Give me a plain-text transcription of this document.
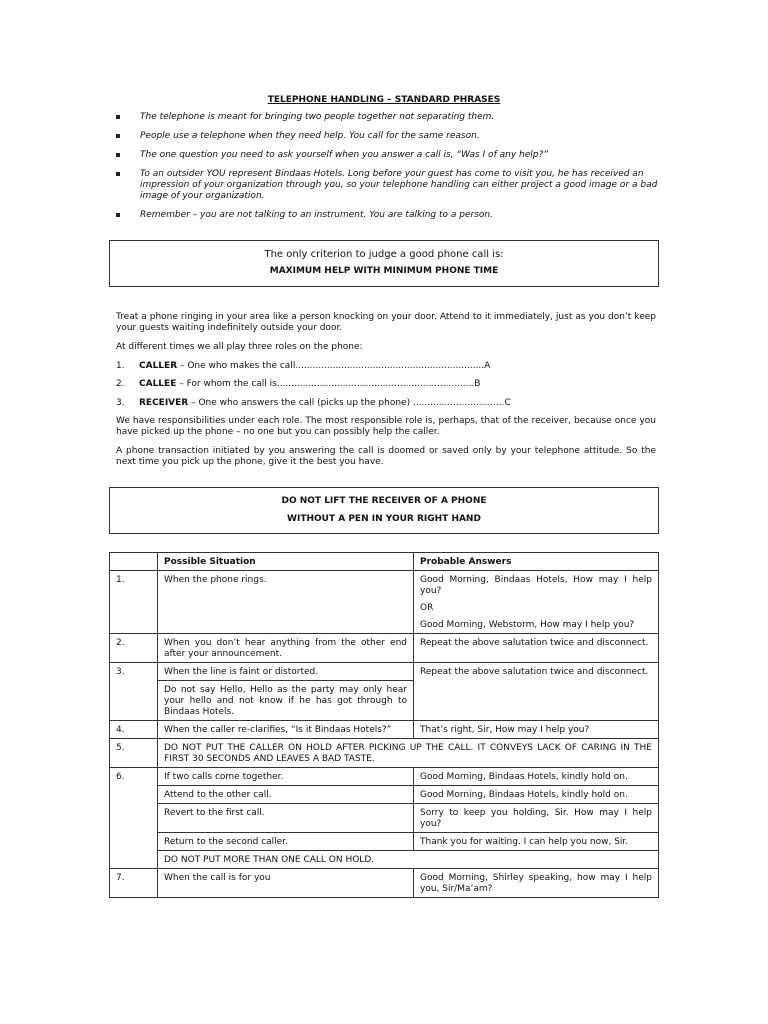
TELEPHONE HANDLING – STANDARD PHRASES
The telephone is meant for bringing two people together not separating them.
People use a telephone when they need help. You call for the same reason.
The one question you need to ask yourself when you answer a call is, “Was I of any help?”
To an outsider YOU represent Bindaas Hotels. Long before your guest has come to visit you, he has received an impression of your organization through you, so your telephone handling can either project a good image or a bad image of your organization.
Remember – you are not talking to an instrument. You are talking to a person.
The only criterion to judge a good phone call is:
MAXIMUM HELP WITH MINIMUM PHONE TIME

Treat a phone ringing in your area like a person knocking on your door. Attend to it immediately, just as you don’t keep your guests waiting indefinitely outside your door.

At different times we all play three roles on the phone:

1. CALLER – One who makes the call..................................................................A
2. CALLEE – For whom the call is.....................................................................B
3. RECEIVER – One who answers the call (picks up the phone) ................................C

We have responsibilities under each role. The most responsible role is, perhaps, that of the receiver, because once you have picked up the phone – no one but you can possibly help the caller.

A phone transaction initiated by you answering the call is doomed or saved only by your telephone attitude. So the next time you pick up the phone, give it the best you have.

DO NOT LIFT THE RECEIVER OF A PHONE
WITHOUT A PEN IN YOUR RIGHT HAND
	Possible Situation	Probable Answers
1.	When the phone rings.	Good Morning, Bindaas Hotels, How may I help you?
OR
Good Morning, Webstorm, How may I help you?

2.	When you don’t hear anything from the other end after your announcement.	Repeat the above salutation twice and disconnect.
3.	When the line is faint or distorted.	Repeat the above salutation twice and disconnect.
	Do not say Hello, Hello as the party may only hear your hello and not know if he has got through to Bindaas Hotels.	
4.	When the caller re-clarifies, “Is it Bindaas Hotels?”	That’s right, Sir, How may I help you?
5.	DO NOT PUT THE CALLER ON HOLD AFTER PICKING UP THE CALL. IT CONVEYS LACK OF CARING IN THE FIRST 30 SECONDS AND LEAVES A BAD TASTE.	
6.	If two calls come together.	Good Morning, Bindaas Hotels, kindly hold on.
	Attend to the other call.	Good Morning, Bindaas Hotels, kindly hold on.
	Revert to the first call.	Sorry to keep you holding, Sir. How may I help you?
	Return to the second caller.	Thank you for waiting. I can help you now, Sir.
	DO NOT PUT MORE THAN ONE CALL ON HOLD.	
7.	When the call is for you	Good Morning, Shirley speaking, how may I help you, Sir/Ma’am?
